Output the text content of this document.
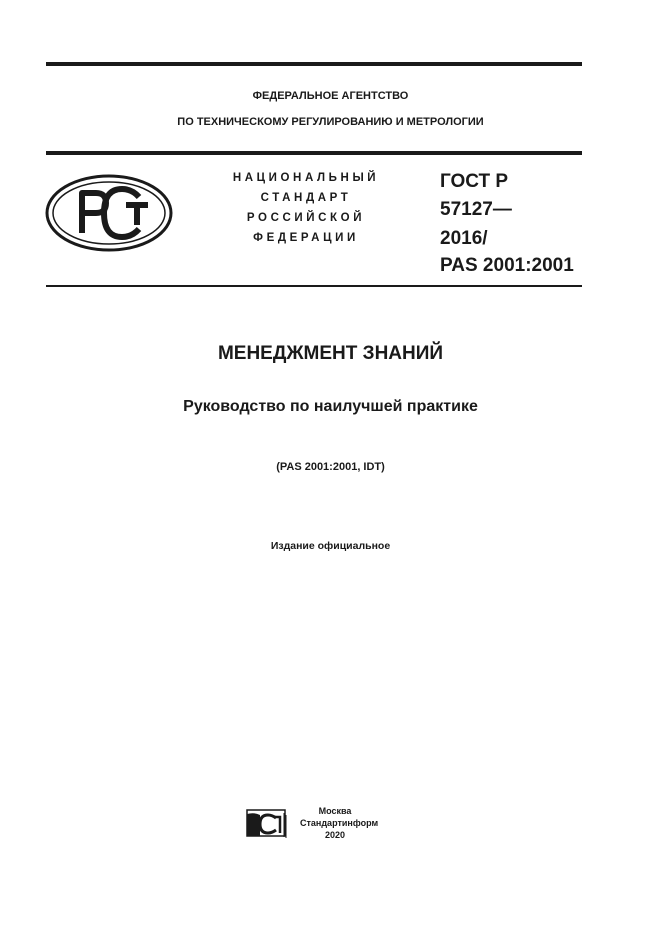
ФЕДЕРАЛЬНОЕ АГЕНТСТВО
ПО ТЕХНИЧЕСКОМУ РЕГУЛИРОВАНИЮ И МЕТРОЛОГИИ
НАЦИОНАЛЬНЫЙ
СТАНДАРТ
РОССИЙСКОЙ
ФЕДЕРАЦИИ
ГОСТ Р
57127—
2016/
PAS 2001:2001
МЕНЕДЖМЕНТ ЗНАНИЙ
Руководство по наилучшей практике
(PAS 2001:2001, IDT)
Издание официальное
Москва
Стандартинформ
2020
